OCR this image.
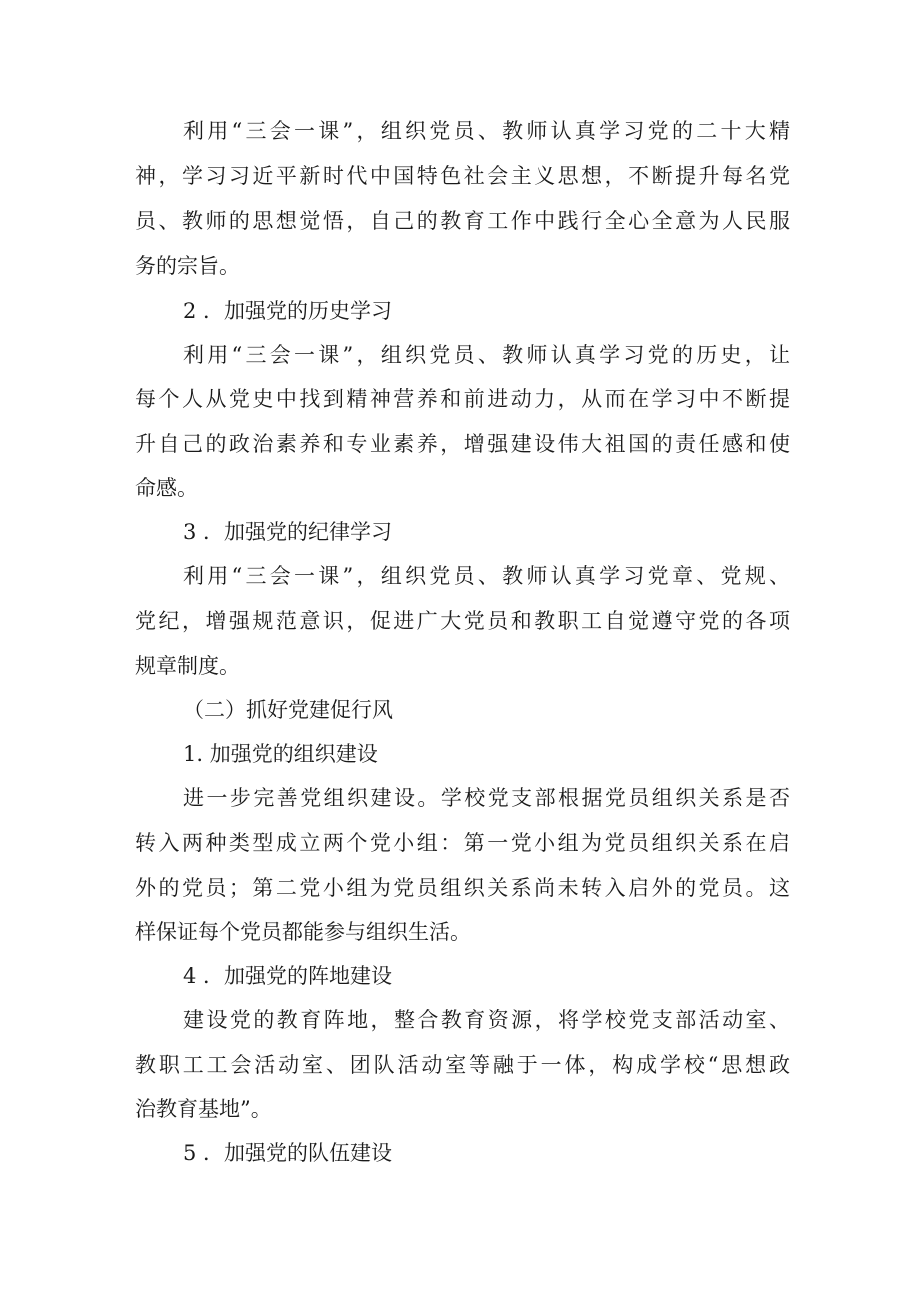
利用“三会一课”，组织党员、教师认真学习党的二十大精
神，学习习近平新时代中国特色社会主义思想，不断提升每名党
员、教师的思想觉悟，自己的教育工作中践行全心全意为人民服
务的宗旨。
2 ．加强党的历史学习
利用“三会一课”，组织党员、教师认真学习党的历史，让
每个人从党史中找到精神营养和前进动力，从而在学习中不断提
升自己的政治素养和专业素养，增强建设伟大祖国的责任感和使
命感。
3 ．加强党的纪律学习
利用“三会一课”，组织党员、教师认真学习党章、党规、
党纪，增强规范意识，促进广大党员和教职工自觉遵守党的各项
规章制度。
（二）抓好党建促行风
1. 加强党的组织建设
进一步完善党组织建设。学校党支部根据党员组织关系是否
转入两种类型成立两个党小组：第一党小组为党员组织关系在启
外的党员；第二党小组为党员组织关系尚未转入启外的党员。这
样保证每个党员都能参与组织生活。
4 ．加强党的阵地建设
建设党的教育阵地，整合教育资源，将学校党支部活动室、
教职工工会活动室、团队活动室等融于一体，构成学校“思想政
治教育基地”。
5 ．加强党的队伍建设
